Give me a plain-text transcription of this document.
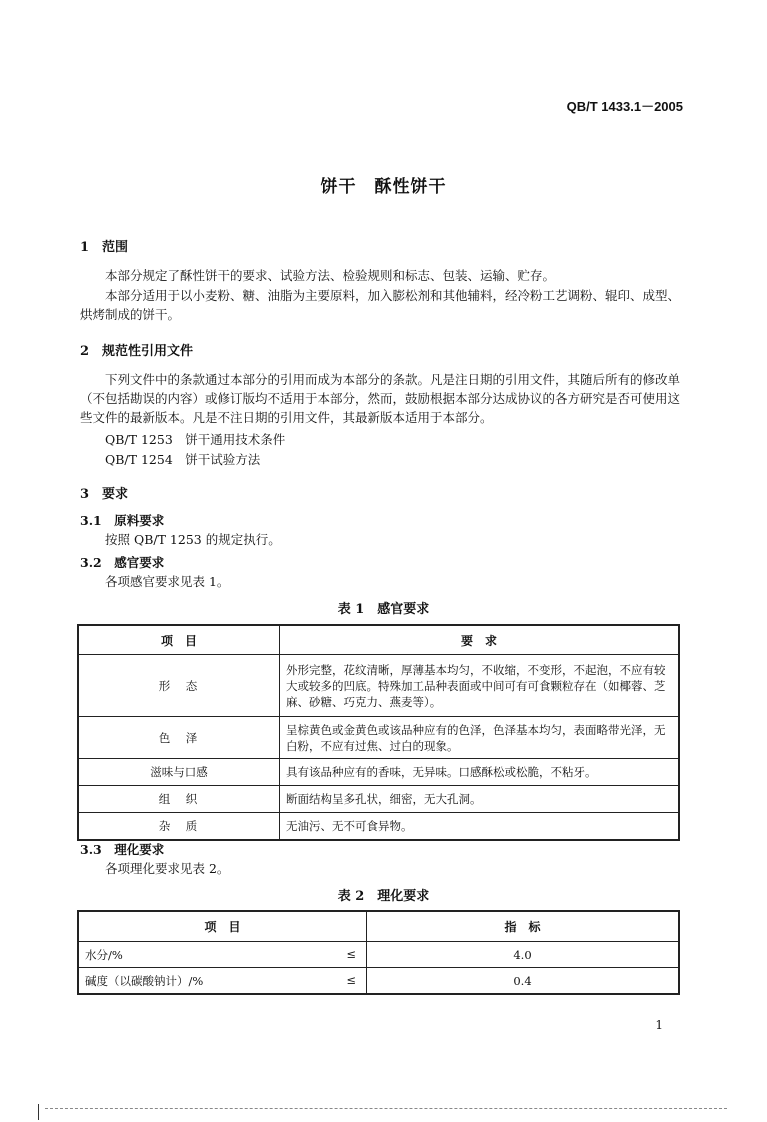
QB/T 1433.1－2005
饼干　酥性饼干
1　范围
本部分规定了酥性饼干的要求、试验方法、检验规则和标志、包装、运输、贮存。
本部分适用于以小麦粉、糖、油脂为主要原料，加入膨松剂和其他辅料，经冷粉工艺调粉、辊印、成型、烘烤制成的饼干。
2　规范性引用文件
下列文件中的条款通过本部分的引用而成为本部分的条款。凡是注日期的引用文件，其随后所有的修改单（不包括勘误的内容）或修订版均不适用于本部分，然而，鼓励根据本部分达成协议的各方研究是否可使用这些文件的最新版本。凡是不注日期的引用文件，其最新版本适用于本部分。
QB/T 1253　饼干通用技术条件
QB/T 1254　饼干试验方法
3　要求
3.1　原料要求
按照 QB/T 1253 的规定执行。
3.2　感官要求
各项感官要求见表 1。
表 1　感官要求
项　目	要　求
形　态	外形完整，花纹清晰，厚薄基本均匀，不收缩，不变形，不起泡，不应有较大或较多的凹底。特殊加工品种表面或中间可有可食颗粒存在（如椰蓉、芝麻、砂糖、巧克力、燕麦等）。
色　泽	呈棕黄色或金黄色或该品种应有的色泽，色泽基本均匀，表面略带光泽，无白粉，不应有过焦、过白的现象。
滋味与口感	具有该品种应有的香味，无异味。口感酥松或松脆，不粘牙。
组　织	断面结构呈多孔状，细密，无大孔洞。
杂　质	无油污、无不可食异物。
3.3　理化要求
各项理化要求见表 2。
表 2　理化要求
项　目	指　标
水分/% ≤	4.0
碱度（以碳酸钠计）/% ≤	0.4
1
